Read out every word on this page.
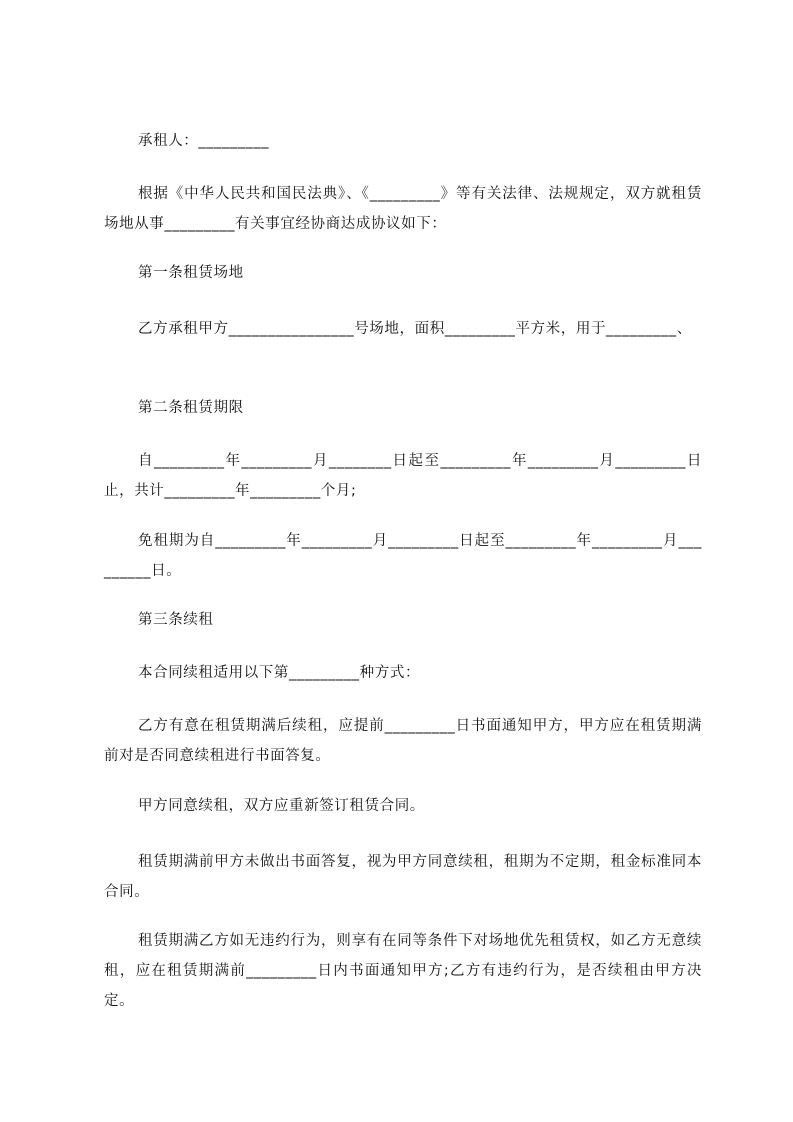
承租人：_________

根据《中华人民共和国民法典》、《_________》等有关法律、法规规定，双方就租赁场地从事_________有关事宜经协商达成协议如下：

第一条租赁场地

乙方承租甲方________________号场地，面积_________平方米，用于_________、

第二条租赁期限

自_________年_________月________日起至_________年_________月_________日止，共计_________年_________个月;

免租期为自_________年_________月_________日起至_________年_________月_________日。

第三条续租

本合同续租适用以下第_________种方式：

乙方有意在租赁期满后续租，应提前_________日书面通知甲方，甲方应在租赁期满前对是否同意续租进行书面答复。

甲方同意续租，双方应重新签订租赁合同。

租赁期满前甲方未做出书面答复，视为甲方同意续租，租期为不定期，租金标准同本合同。

租赁期满乙方如无违约行为，则享有在同等条件下对场地优先租赁权，如乙方无意续租，应在租赁期满前_________日内书面通知甲方;乙方有违约行为，是否续租由甲方决定。
